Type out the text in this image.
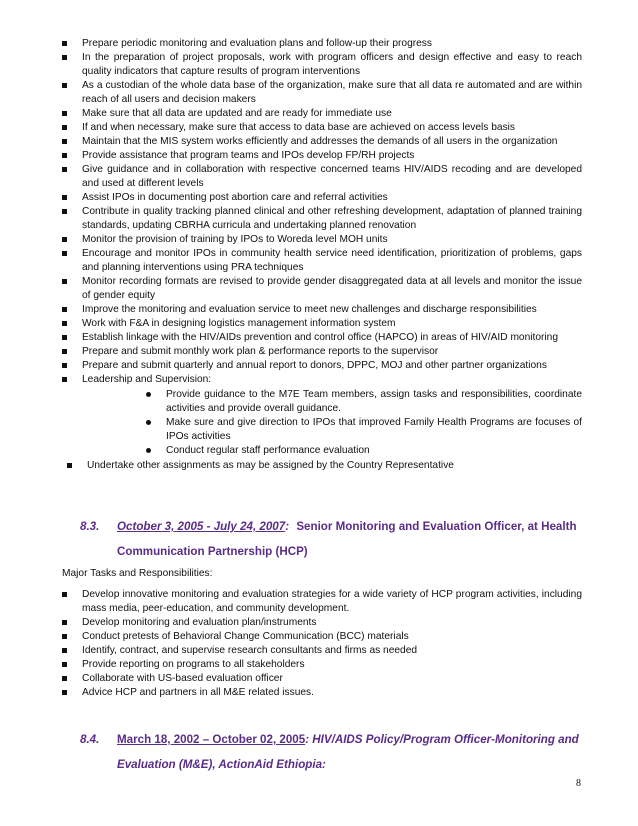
Prepare periodic monitoring and evaluation plans and follow-up their progress
In the preparation of project proposals, work with program officers and design effective and easy to reach quality indicators that capture results of program interventions
As a custodian of the whole data base of the organization, make sure that all data re automated and are within reach of all users and decision makers
Make sure that all data are updated and are ready for immediate use
If and when necessary, make sure that access to data base are achieved on access levels basis
Maintain that the MIS system works efficiently and addresses the demands of all users in the organization
Provide assistance that program teams and IPOs develop FP/RH projects
Give guidance and in collaboration with respective concerned teams HIV/AIDS recoding and are developed and used at different levels
Assist IPOs in documenting post abortion care and referral activities
Contribute in quality tracking planned clinical and other refreshing development, adaptation of planned training standards, updating CBRHA curricula and undertaking planned renovation
Monitor the provision of training by IPOs to Woreda level MOH units
Encourage and monitor IPOs in community health service need identification, prioritization of problems, gaps and planning interventions using PRA techniques
Monitor recording formats are revised to provide gender disaggregated data at all levels and monitor the issue of gender equity
Improve the monitoring and evaluation service to meet new challenges and discharge responsibilities
Work with F&A in designing logistics management information system
Establish linkage with the HIV/AIDs prevention and control office (HAPCO) in areas of HIV/AID monitoring
Prepare and submit monthly work plan & performance reports to the supervisor
Prepare and submit quarterly and annual report to donors, DPPC, MOJ and other partner organizations
Leadership and Supervision:
Provide guidance to the M7E Team members, assign tasks and responsibilities, coordinate activities and provide overall guidance.
Make sure and give direction to IPOs that improved Family Health Programs are focuses of IPOs activities
Conduct regular staff performance evaluation
Undertake other assignments as may be assigned by the Country Representative
8.3. October 3, 2005 - July 24, 2007: Senior Monitoring and Evaluation Officer, at Health
Communication Partnership (HCP)
Major Tasks and Responsibilities:
Develop innovative monitoring and evaluation strategies for a wide variety of HCP program activities, including mass media, peer-education, and community development.
Develop monitoring and evaluation plan/instruments
Conduct pretests of Behavioral Change Communication (BCC) materials
Identify, contract, and supervise research consultants and firms as needed
Provide reporting on programs to all stakeholders
Collaborate with US-based evaluation officer
Advice HCP and partners in all M&E related issues.
8.4. March 18, 2002 – October 02, 2005: HIV/AIDS Policy/Program Officer-Monitoring and
Evaluation (M&E), ActionAid Ethiopia:
8
